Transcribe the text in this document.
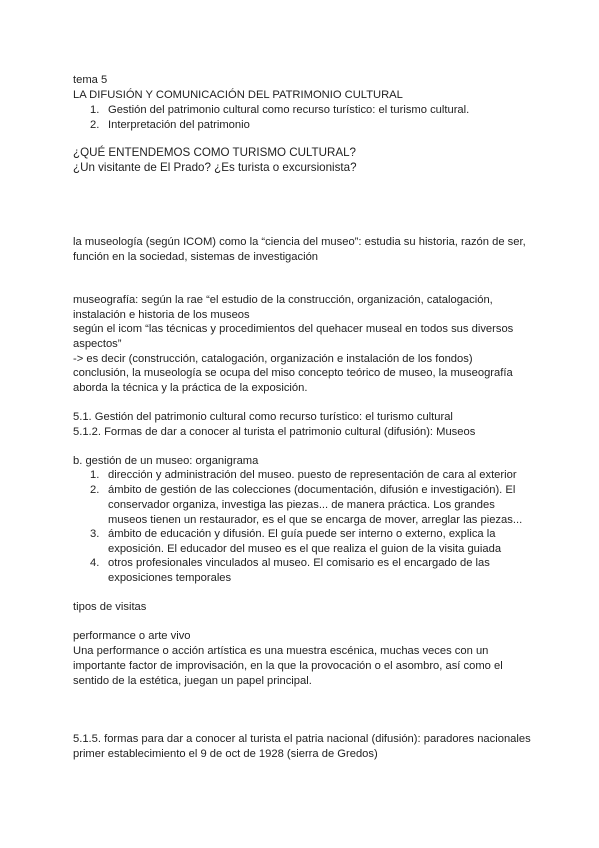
tema 5
LA DIFUSIÓN Y COMUNICACIÓN DEL PATRIMONIO CULTURAL
1. Gestión del patrimonio cultural como recurso turístico: el turismo cultural.
2. Interpretación del patrimonio
¿QUÉ ENTENDEMOS COMO TURISMO CULTURAL?
¿Un visitante de El Prado? ¿Es turista o excursionista?
la museología (según ICOM) como la “ciencia del museo”: estudia su historia, razón de ser,
función en la sociedad, sistemas de investigación
museografía: según la rae “el estudio de la construcción, organización, catalogación,
instalación e historia de los museos
según el icom “las técnicas y procedimientos del quehacer museal en todos sus diversos
aspectos”
-> es decir (construcción, catalogación, organización e instalación de los fondos)
conclusión, la museología se ocupa del miso concepto teórico de museo, la museografía
aborda la técnica y la práctica de la exposición.
5.1. Gestión del patrimonio cultural como recurso turístico: el turismo cultural
5.1.2. Formas de dar a conocer al turista el patrimonio cultural (difusión): Museos
b. gestión de un museo: organigrama
1. dirección y administración del museo. puesto de representación de cara al exterior
2. ámbito de gestión de las colecciones (documentación, difusión e investigación). El
conservador organiza, investiga las piezas... de manera práctica. Los grandes
museos tienen un restaurador, es el que se encarga de mover, arreglar las piezas...
3. ámbito de educación y difusión. El guía puede ser interno o externo, explica la
exposición. El educador del museo es el que realiza el guion de la visita guiada
4. otros profesionales vinculados al museo. El comisario es el encargado de las
exposiciones temporales
tipos de visitas
performance o arte vivo
Una performance o acción artística es una muestra escénica, muchas veces con un
importante factor de improvisación, en la que la provocación o el asombro, así como el
sentido de la estética, juegan un papel principal.
5.1.5. formas para dar a conocer al turista el patria nacional (difusión): paradores nacionales
primer establecimiento el 9 de oct de 1928 (sierra de Gredos)
